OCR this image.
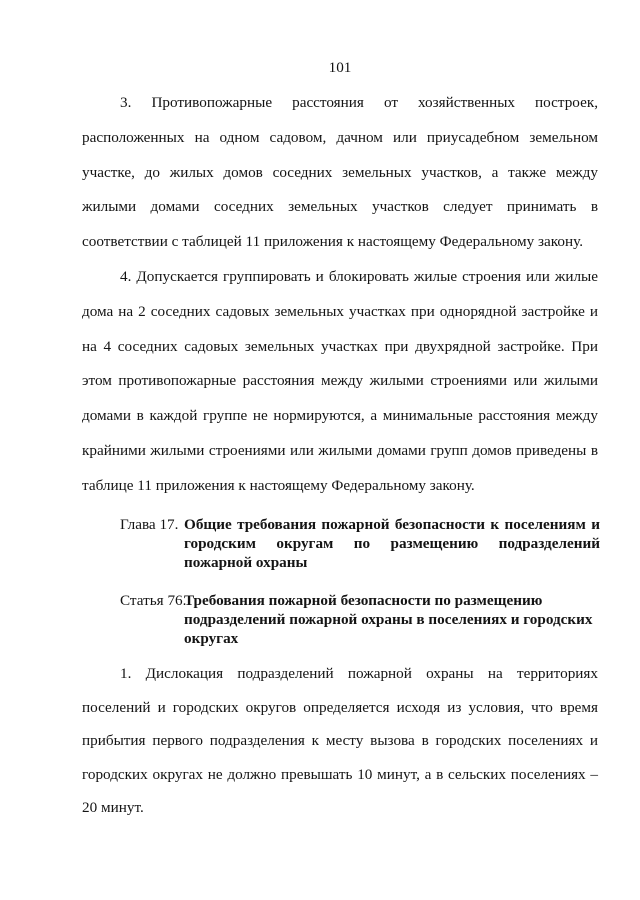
101
3. Противопожарные расстояния от хозяйственных построек,
расположенных на одном садовом, дачном или приусадебном земельном
участке, до жилых домов соседних земельных участков, а также между
жилыми домами соседних земельных участков следует принимать в
соответствии с таблицей 11 приложения к настоящему Федеральному закону.
4. Допускается группировать и блокировать жилые строения или жилые
дома на 2 соседних садовых земельных участках при однорядной застройке и
на 4 соседних садовых земельных участках при двухрядной застройке. При
этом противопожарные расстояния между жилыми строениями или жилыми
домами в каждой группе не нормируются, а минимальные расстояния между
крайними жилыми строениями или жилыми домами групп домов приведены в
таблице 11 приложения к настоящему Федеральному закону.
Глава 17. Общие требования пожарной безопасности к поселениям и
городским округам по размещению подразделений
пожарной охраны
Статья 76.
Требования пожарной безопасности по размещению
подразделений пожарной охраны в поселениях и городских
округах
1. Дислокация подразделений пожарной охраны на территориях
поселений и городских округов определяется исходя из условия, что время
прибытия первого подразделения к месту вызова в городских поселениях и
городских округах не должно превышать 10 минут, а в сельских поселениях –
20 минут.
